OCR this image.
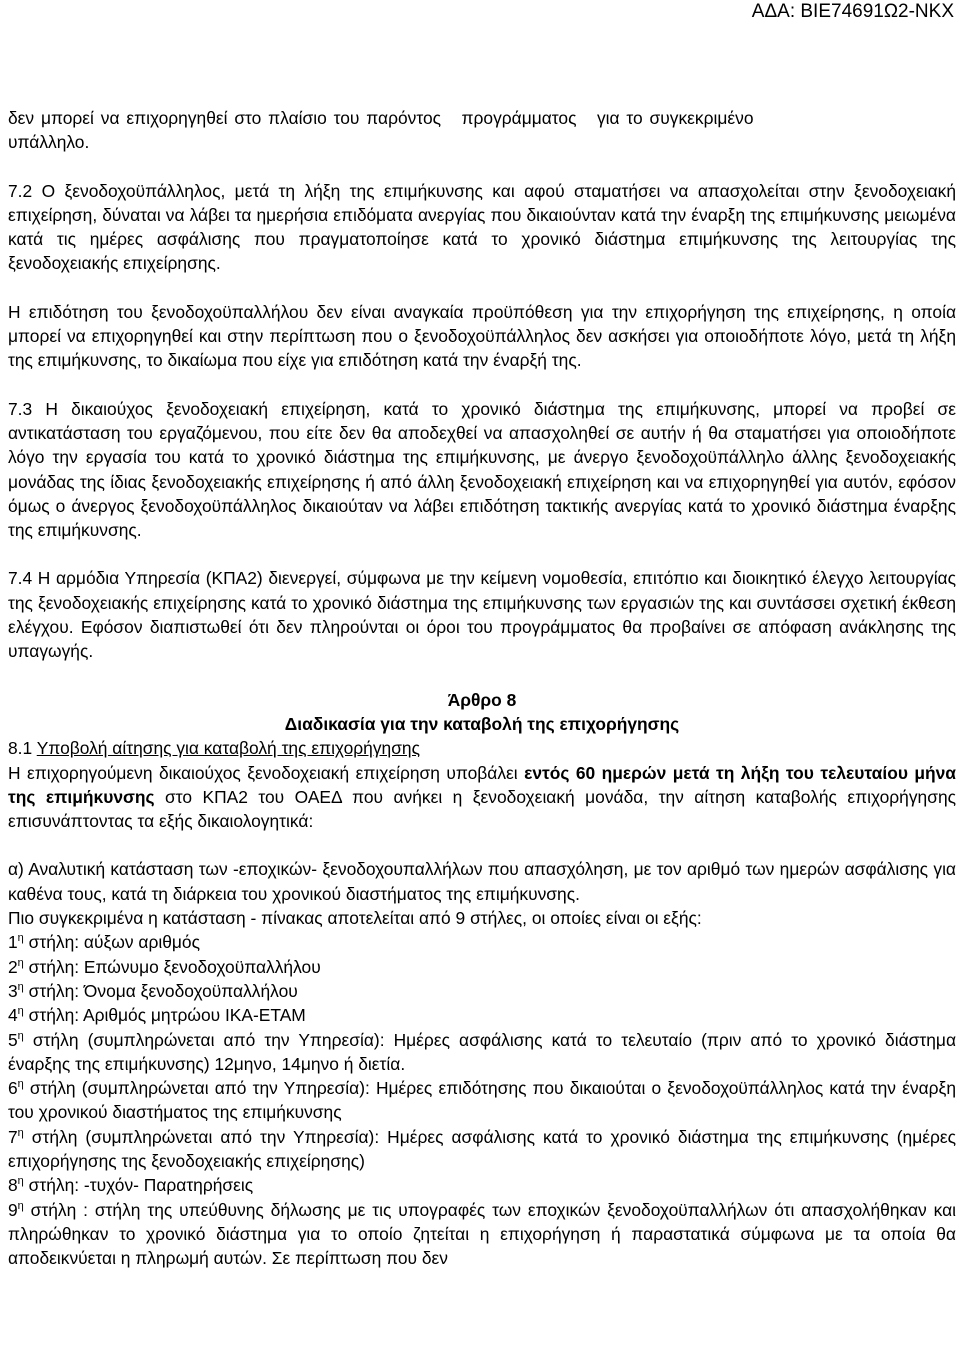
ΑΔΑ: ΒΙΕ74691Ω2-ΝΚΧ

δεν μπορεί να επιχορηγηθεί στο πλαίσιο του παρόντος   προγράμματος   για το συγκεκριμένο
υπάλληλο.

7.2 Ο ξενοδοχοϋπάλληλος, μετά τη λήξη της επιμήκυνσης και αφού σταματήσει να απασχολείται στην ξενοδοχειακή επιχείρηση, δύναται να λάβει τα ημερήσια επιδόματα ανεργίας που δικαιούνταν κατά την έναρξη της επιμήκυνσης μειωμένα κατά τις ημέρες ασφάλισης που πραγματοποίησε κατά το χρονικό διάστημα επιμήκυνσης της λειτουργίας της ξενοδοχειακής επιχείρησης.

Η επιδότηση του ξενοδοχοϋπαλλήλου δεν είναι αναγκαία προϋπόθεση για την επιχορήγηση της επιχείρησης, η οποία μπορεί να επιχορηγηθεί και στην περίπτωση που ο ξενοδοχοϋπάλληλος δεν ασκήσει για οποιοδήποτε λόγο, μετά τη λήξη της επιμήκυνσης, το δικαίωμα που είχε για επιδότηση κατά την έναρξή της.

7.3 Η δικαιούχος ξενοδοχειακή επιχείρηση, κατά το χρονικό διάστημα της επιμήκυνσης, μπορεί να προβεί σε αντικατάσταση του εργαζόμενου, που είτε δεν θα αποδεχθεί να απασχοληθεί σε αυτήν ή θα σταματήσει για οποιοδήποτε λόγο την εργασία του κατά το χρονικό διάστημα της επιμήκυνσης, με άνεργο ξενοδοχοϋπάλληλο άλλης ξενοδοχειακής μονάδας της ίδιας ξενοδοχειακής επιχείρησης ή από άλλη ξενοδοχειακή επιχείρηση και να επιχορηγηθεί για αυτόν, εφόσον όμως ο άνεργος ξενοδοχοϋπάλληλος δικαιούταν να λάβει επιδότηση τακτικής ανεργίας κατά το χρονικό διάστημα έναρξης της επιμήκυνσης.

7.4 Η αρμόδια Υπηρεσία (ΚΠΑ2) διενεργεί, σύμφωνα με την κείμενη νομοθεσία, επιτόπιο και διοικητικό έλεγχο λειτουργίας της ξενοδοχειακής επιχείρησης κατά το χρονικό διάστημα της επιμήκυνσης των εργασιών της και συντάσσει σχετική έκθεση ελέγχου. Εφόσον διαπιστωθεί ότι δεν πληρούνται οι όροι του προγράμματος θα προβαίνει σε απόφαση ανάκλησης της υπαγωγής.

Άρθρο 8

Διαδικασία για την καταβολή της επιχορήγησης

8.1 Υποβολή αίτησης για καταβολή της επιχορήγησης

Η επιχορηγούμενη δικαιούχος ξενοδοχειακή επιχείρηση υποβάλει εντός 60 ημερών μετά τη λήξη του τελευταίου μήνα της επιμήκυνσης στο ΚΠΑ2 του ΟΑΕΔ που ανήκει η ξενοδοχειακή μονάδα, την αίτηση καταβολής επιχορήγησης επισυνάπτοντας τα εξής δικαιολογητικά:

α) Αναλυτική κατάσταση των -εποχικών- ξενοδοχουπαλλήλων που απασχόληση, με τον αριθμό των ημερών ασφάλισης για καθένα τους, κατά τη διάρκεια του χρονικού διαστήματος της επιμήκυνσης.

Πιο συγκεκριμένα η κατάσταση - πίνακας αποτελείται από 9 στήλες, οι οποίες είναι οι εξής:

$1^\eta$ στήλη: αύξων αριθμός

$2^\eta$ στήλη: Επώνυμο ξενοδοχοϋπαλλήλου

$3^\eta$ στήλη: Όνομα ξενοδοχοϋπαλλήλου

$4^\eta$ στήλη: Αριθμός μητρώου ΙΚΑ-ΕΤΑΜ

$5^\eta$ στήλη (συμπληρώνεται από την Υπηρεσία): Ημέρες ασφάλισης κατά το τελευταίο (πριν από το χρονικό διάστημα έναρξης της επιμήκυνσης) 12μηνο, 14μηνο ή διετία.

$6^\eta$ στήλη (συμπληρώνεται από την Υπηρεσία): Ημέρες επιδότησης που δικαιούται ο ξενοδοχοϋπάλληλος κατά την έναρξη του χρονικού διαστήματος της επιμήκυνσης

$7^\eta$ στήλη (συμπληρώνεται από την Υπηρεσία): Ημέρες ασφάλισης κατά το χρονικό διάστημα της επιμήκυνσης (ημέρες επιχορήγησης της ξενοδοχειακής επιχείρησης)

$8^\eta$ στήλη: -τυχόν- Παρατηρήσεις

$9^\eta$ στήλη : στήλη της υπεύθυνης δήλωσης με τις υπογραφές των εποχικών ξενοδοχοϋπαλλήλων ότι απασχολήθηκαν και πληρώθηκαν το χρονικό διάστημα για το οποίο ζητείται η επιχορήγηση ή παραστατικά σύμφωνα με τα οποία θα αποδεικνύεται η πληρωμή αυτών. Σε περίπτωση που δεν
